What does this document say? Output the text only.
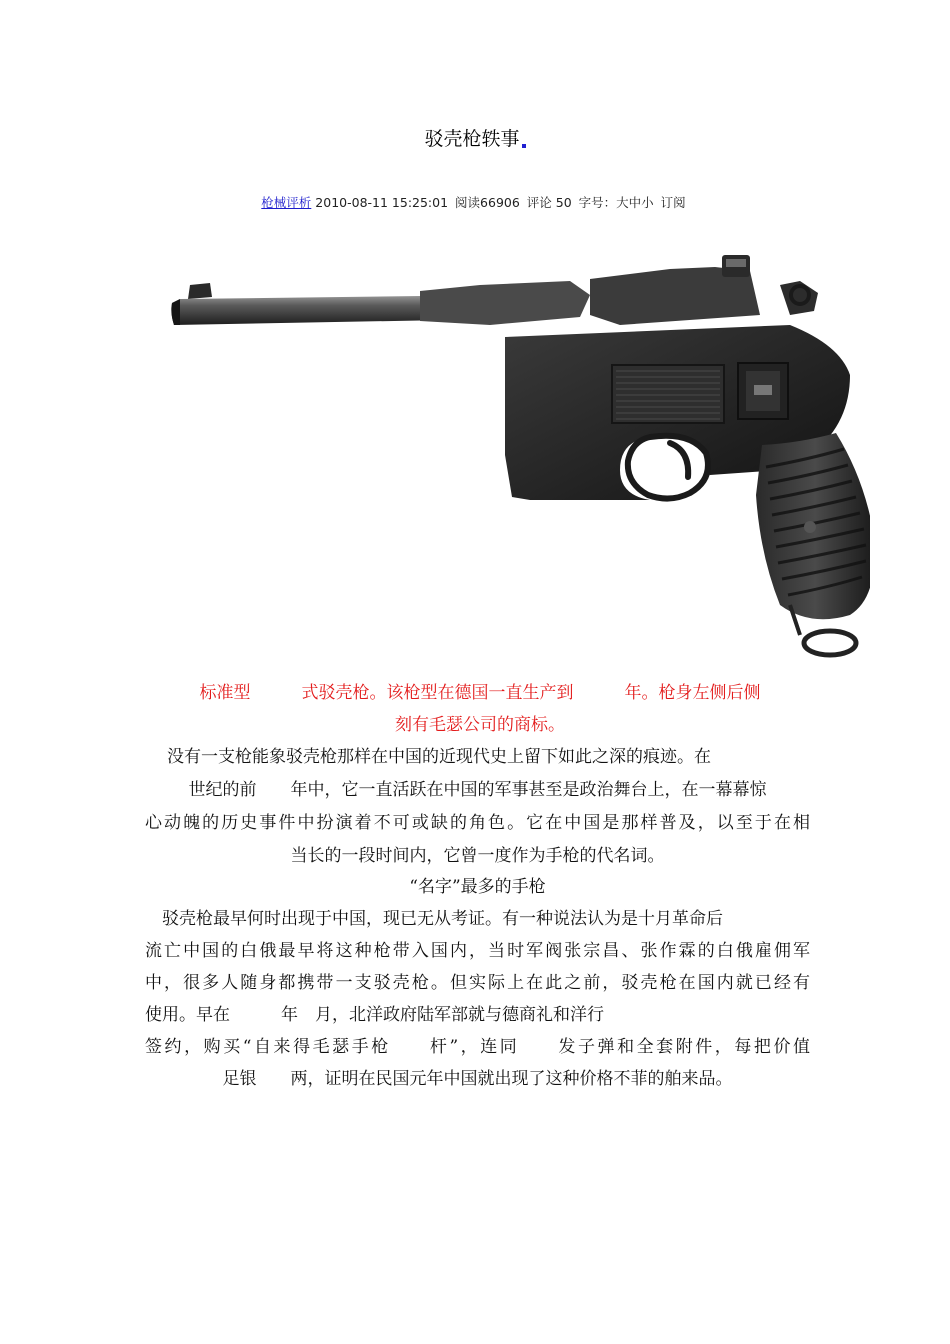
驳壳枪轶事
枪械评析 2010-08-11 15:25:01 阅读66906 评论 50 字号：大中小 订阅
标准型　　　式驳壳枪。该枪型在德国一直生产到　　　年。枪身左侧后侧
刻有毛瑟公司的商标。
　没有一支枪能象驳壳枪那样在中国的近现代史上留下如此之深的痕迹。在
世纪的前　　年中，它一直活跃在中国的军事甚至是政治舞台上，在一幕幕惊
心动魄的历史事件中扮演着不可或缺的角色。它在中国是那样普及，以至于在相
当长的一段时间内，它曾一度作为手枪的代名词。
“名字”最多的手枪
　驳壳枪最早何时出现于中国，现已无从考证。有一种说法认为是十月革命后
流亡中国的白俄最早将这种枪带入国内，当时军阀张宗昌、张作霖的白俄雇佣军
中，很多人随身都携带一支驳壳枪。但实际上在此之前，驳壳枪在国内就已经有
使用。早在　　　年　月，北洋政府陆军部就与德商礼和洋行
签约，购买“自来得毛瑟手枪　　杆”，连同　　发子弹和全套附件，每把价值
足银　　两，证明在民国元年中国就出现了这种价格不菲的舶来品。
